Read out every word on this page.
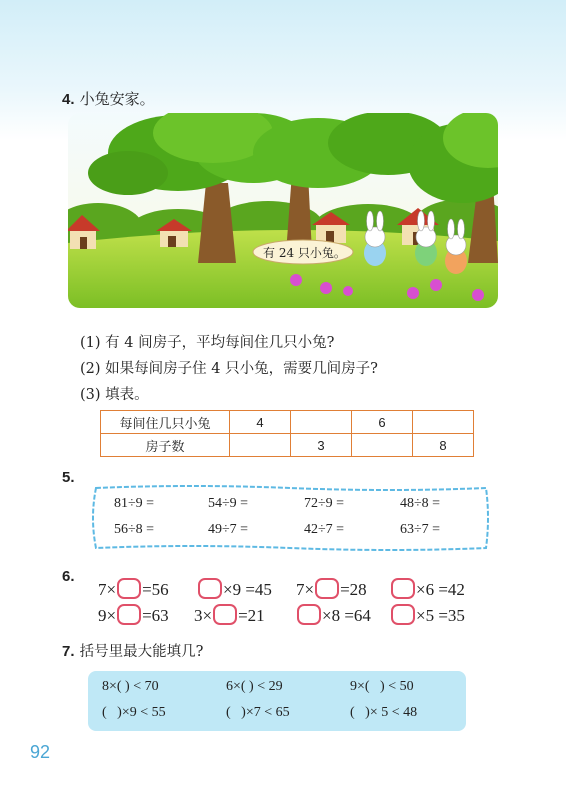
4. 小兔安家。
有 24 只小兔。
(1) 有 4 间房子，平均每间住几只小兔?
(2) 如果每间房子住 4 只小兔，需要几间房子?
(3) 填表。
每间住几只小兔	4		6	
房子数		3		8
5.
81÷9 =	54÷9 =	72÷9 =	48÷8 =
56÷8 =	49÷7 =	42÷7 =	63÷7 =
6.
7× =56	×9 =45 7× =28	×6 =42
9× =63 3× =21	×8 =64	×5 =35
7. 括号里最大能填几?
8×( ) < 70	6×( ) < 29	9×(   ) < 50
(   )×9 < 55	(   )×7 < 65	(   )× 5 < 48
92
